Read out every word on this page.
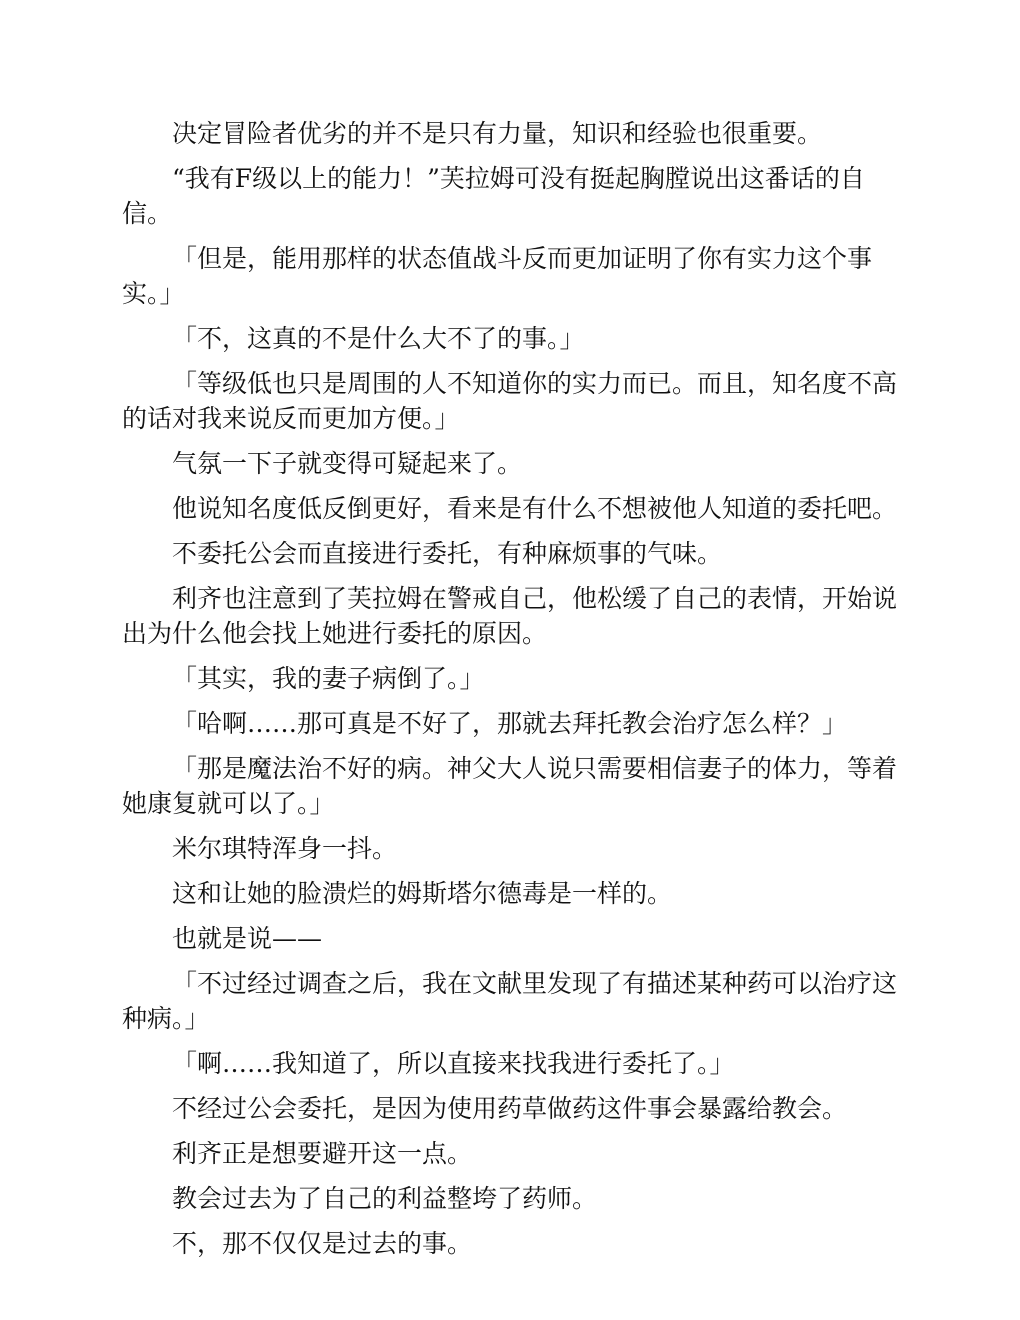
决定冒险者优劣的并不是只有力量，知识和经验也很重要。

“我有F级以上的能力！”芙拉姆可没有挺起胸膛说出这番话的自信。

「但是，能用那样的状态值战斗反而更加证明了你有实力这个事实。」

「不，这真的不是什么大不了的事。」

「等级低也只是周围的人不知道你的实力而已。而且，知名度不高的话对我来说反而更加方便。」

气氛一下子就变得可疑起来了。

他说知名度低反倒更好，看来是有什么不想被他人知道的委托吧。

不委托公会而直接进行委托，有种麻烦事的气味。

利齐也注意到了芙拉姆在警戒自己，他松缓了自己的表情，开始说出为什么他会找上她进行委托的原因。

「其实，我的妻子病倒了。」

「哈啊……那可真是不好了，那就去拜托教会治疗怎么样？」

「那是魔法治不好的病。神父大人说只需要相信妻子的体力，等着她康复就可以了。」

米尔琪特浑身一抖。

这和让她的脸溃烂的姆斯塔尔德毒是一样的。

也就是说——

「不过经过调查之后，我在文献里发现了有描述某种药可以治疗这种病。」

「啊……我知道了，所以直接来找我进行委托了。」

不经过公会委托，是因为使用药草做药这件事会暴露给教会。

利齐正是想要避开这一点。

教会过去为了自己的利益整垮了药师。

不，那不仅仅是过去的事。
